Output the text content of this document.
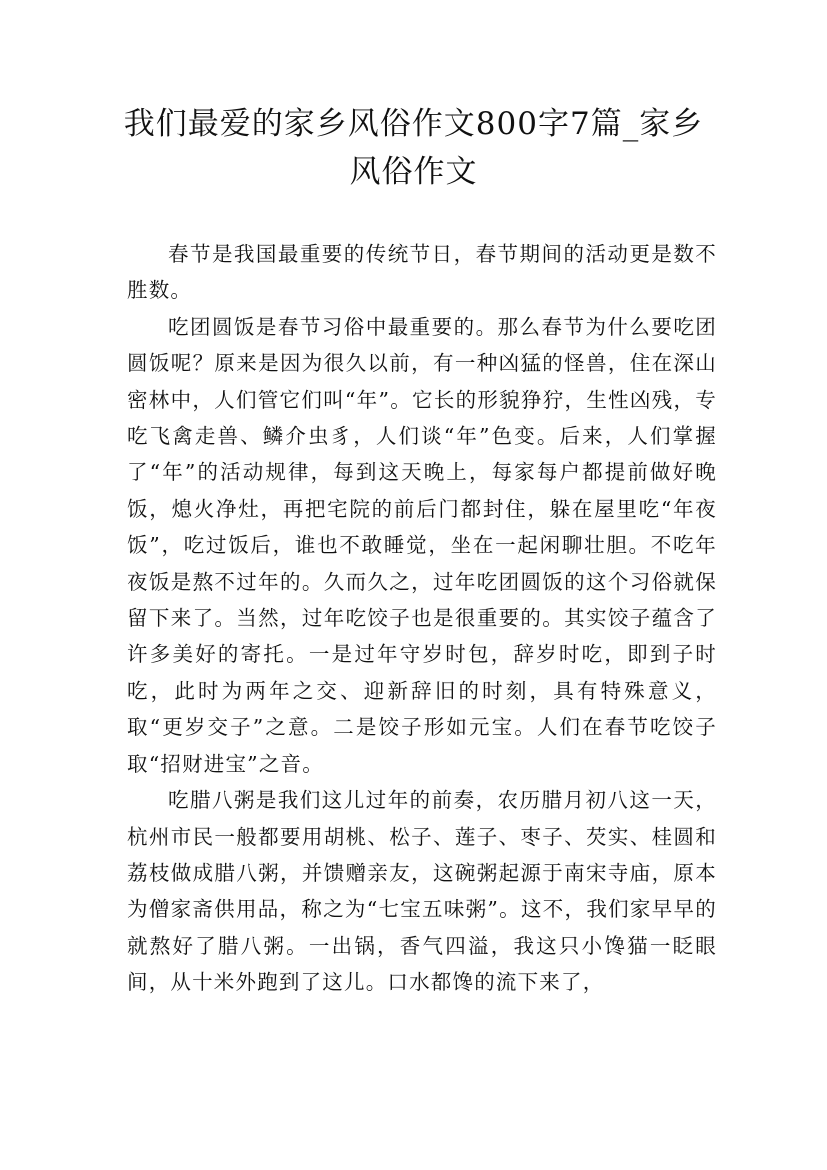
我们最爱的家乡风俗作文800字7篇_家乡
风俗作文

春节是我国最重要的传统节日，春节期间的活动更是数不胜数。

吃团圆饭是春节习俗中最重要的。那么春节为什么要吃团圆饭呢？原来是因为很久以前，有一种凶猛的怪兽，住在深山密林中，人们管它们叫“年”。它长的形貌狰狞，生性凶残，专吃飞禽走兽、鳞介虫豸，人们谈“年”色变。后来，人们掌握了“年”的活动规律，每到这天晚上，每家每户都提前做好晚饭，熄火净灶，再把宅院的前后门都封住，躲在屋里吃“年夜饭”，吃过饭后，谁也不敢睡觉，坐在一起闲聊壮胆。不吃年夜饭是熬不过年的。久而久之，过年吃团圆饭的这个习俗就保留下来了。当然，过年吃饺子也是很重要的。其实饺子蕴含了许多美好的寄托。一是过年守岁时包，辞岁时吃，即到子时吃，此时为两年之交、迎新辞旧的时刻，具有特殊意义，取“更岁交子”之意。二是饺子形如元宝。人们在春节吃饺子取“招财进宝”之音。

吃腊八粥是我们这儿过年的前奏，农历腊月初八这一天，杭州市民一般都要用胡桃、松子、莲子、枣子、芡实、桂圆和荔枝做成腊八粥，并馈赠亲友，这碗粥起源于南宋寺庙，原本为僧家斋供用品，称之为“七宝五味粥”。这不，我们家早早的就熬好了腊八粥。一出锅，香气四溢，我这只小馋猫一眨眼间，从十米外跑到了这儿。口水都馋的流下来了，
